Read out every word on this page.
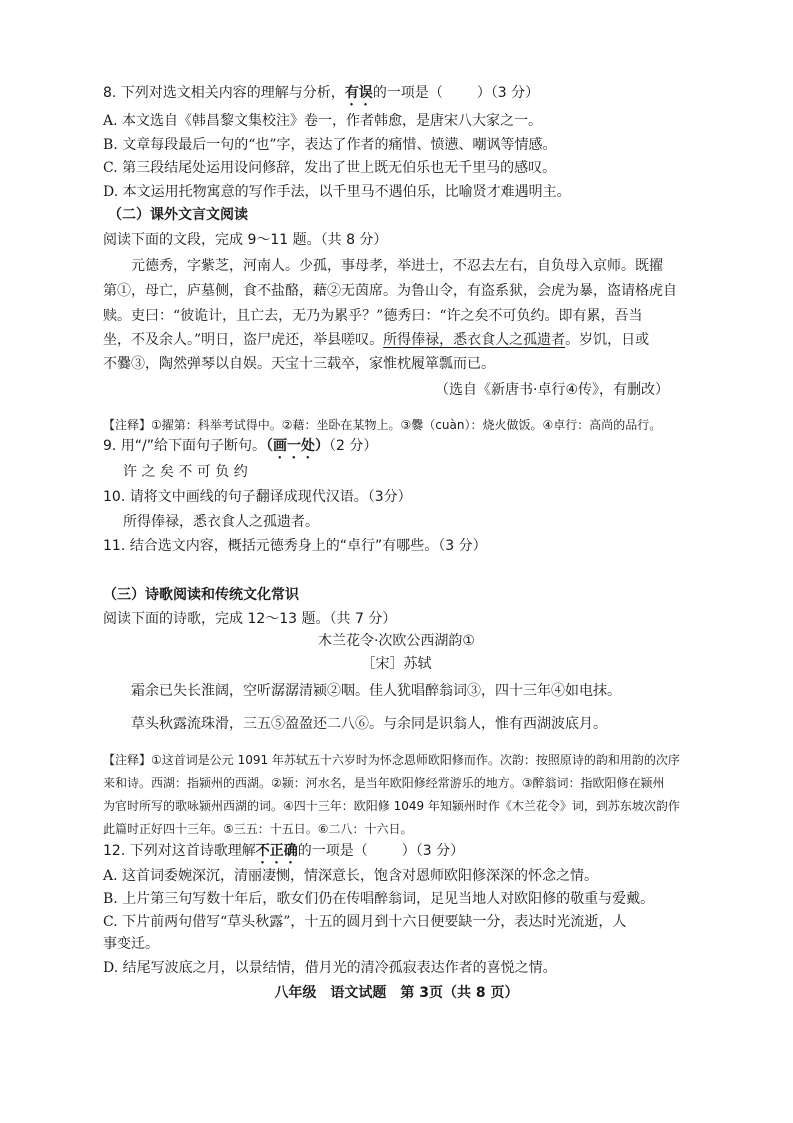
8. 下列对选文相关内容的理解与分析，有误的一项是（ ）（3 分）
A. 本文选自《韩昌黎文集校注》卷一，作者韩愈，是唐宋八大家之一。
B. 文章每段最后一句的“也”字，表达了作者的痛惜、愤懑、嘲讽等情感。
C. 第三段结尾处运用设问修辞，发出了世上既无伯乐也无千里马的感叹。
D. 本文运用托物寓意的写作手法，以千里马不遇伯乐，比喻贤才难遇明主。
（二）课外文言文阅读
阅读下面的文段，完成 9～11 题。（共 8 分）
元德秀，字紫芝，河南人。少孤，事母孝，举进士，不忍去左右，自负母入京师。既擢
第①，母亡，庐墓侧，食不盐酪，藉②无茵席。为鲁山令，有盗系狱，会虎为暴，盗请格虎自
赎。吏曰：“彼诡计，且亡去，无乃为累乎？”德秀曰：“许之矣不可负约。即有累，吾当
坐，不及余人。”明日，盗尸虎还，举县嗟叹。所得俸禄，悉衣食人之孤遗者。岁饥，日或
不爨③，陶然弹琴以自娱。天宝十三载卒，家惟枕履箪瓢而已。
（选自《新唐书·卓行④传》，有删改）
【注释】①擢第：科举考试得中。②藉：坐卧在某物上。③爨（cuàn）：烧火做饭。④卓行：高尚的品行。
9. 用“/”给下面句子断句。（画一处）（2 分）
许 之 矣 不 可 负 约
10. 请将文中画线的句子翻译成现代汉语。（3分）
所得俸禄，悉衣食人之孤遗者。
11. 结合选文内容，概括元德秀身上的“卓行”有哪些。（3 分）
（三）诗歌阅读和传统文化常识
阅读下面的诗歌，完成 12～13 题。（共 7 分）
木兰花令·次欧公西湖韵①
［宋］苏轼
霜余已失长淮阔，空听潺潺清颍②咽。佳人犹唱醉翁词③，四十三年④如电抹。
草头秋露流珠滑，三五⑤盈盈还二八⑥。与余同是识翁人，惟有西湖波底月。
【注释】①这首词是公元 1091 年苏轼五十六岁时为怀念恩师欧阳修而作。次韵：按照原诗的韵和用韵的次序
来和诗。西湖：指颍州的西湖。②颍：河水名，是当年欧阳修经常游乐的地方。③醉翁词：指欧阳修在颍州
为官时所写的歌咏颍州西湖的词。④四十三年：欧阳修 1049 年知颍州时作《木兰花令》词，到苏东坡次韵作
此篇时正好四十三年。⑤三五：十五日。⑥二八：十六日。
12. 下列对这首诗歌理解不正确的一项是（ ）（3 分）
A. 这首词委婉深沉，清丽凄恻，情深意长，饱含对恩师欧阳修深深的怀念之情。
B. 上片第三句写数十年后，歌女们仍在传唱醉翁词，足见当地人对欧阳修的敬重与爱戴。
C. 下片前两句借写“草头秋露”，十五的圆月到十六日便要缺一分，表达时光流逝，人
事变迁。
D. 结尾写波底之月，以景结情，借月光的清冷孤寂表达作者的喜悦之情。
八年级　语文试题　第 3页（共 8 页）
